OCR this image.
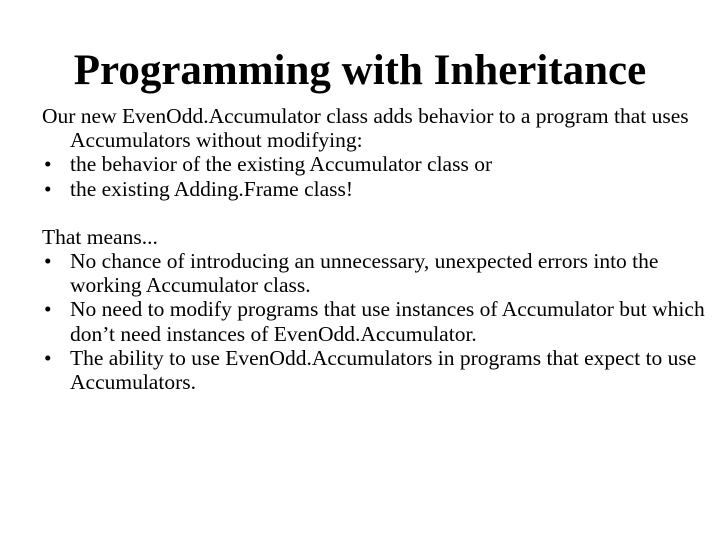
Programming with Inheritance

Our new EvenOdd.Accumulator class adds behavior to a program that uses Accumulators without modifying:

• the behavior of the existing Accumulator class or
• the existing Adding.Frame class!

That means...

• No chance of introducing an unnecessary, unexpected errors into the working Accumulator class.
• No need to modify programs that use instances of Accumulator but which don’t need instances of EvenOdd.Accumulator.
• The ability to use EvenOdd.Accumulators in programs that expect to use Accumulators.
